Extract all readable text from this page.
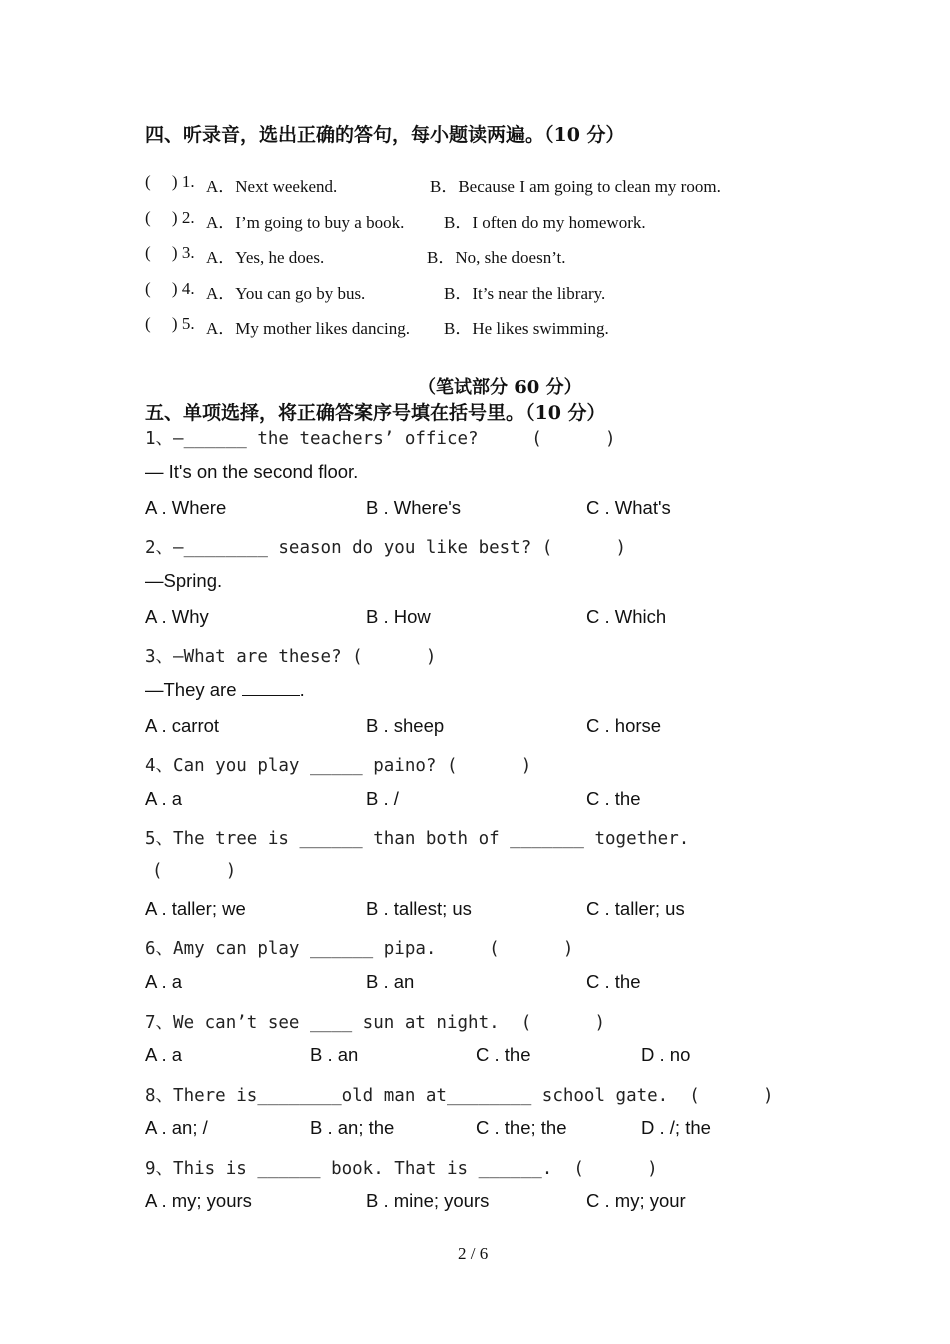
四、听录音，选出正确的答句，每小题读两遍。（10 分）
(     ) 1. A．Next weekend.	B．Because I am going to clean my room.
(     ) 2. A．I’m going to buy a book. B．I often do my homework.
(     ) 3. A．Yes, he does.	B．No, she doesn’t.
(     ) 4. A．You can go by bus.	B．It’s near the library.
(     ) 5. A．My mother likes dancing. B．He likes swimming.
（笔试部分 60 分）
五、单项选择，将正确答案序号填在括号里。（10 分）
1、—______ the teachers’ office?     (      )
— It's on the second floor.
A . Where	B . Where's	C . What's
2、—________ season do you like best? (      )
—Spring.
A . Why	B . How	C . Which
3、—What are these? (      )
—They are	.
A . carrot	B . sheep	C . horse
4、Can you play _____ paino? (      )
A . a	B . /	C . the
5、The tree is ______ than both of _______ together.
(      )
A . taller; we	B . tallest; us	C . taller; us
6、Amy can play ______ pipa.     (      )
A . a	B . an	C . the
7、We can’t see ____ sun at night.  (      )
A . a	B . an	C . the	D . no
8、There is________old man at________ school gate.  (      )
A . an; /	B . an; the	C . the; the	D . /; the
9、This is ______ book. That is ______.  (      )
A . my; yours	B . mine; yours	C . my; your
2 / 6
